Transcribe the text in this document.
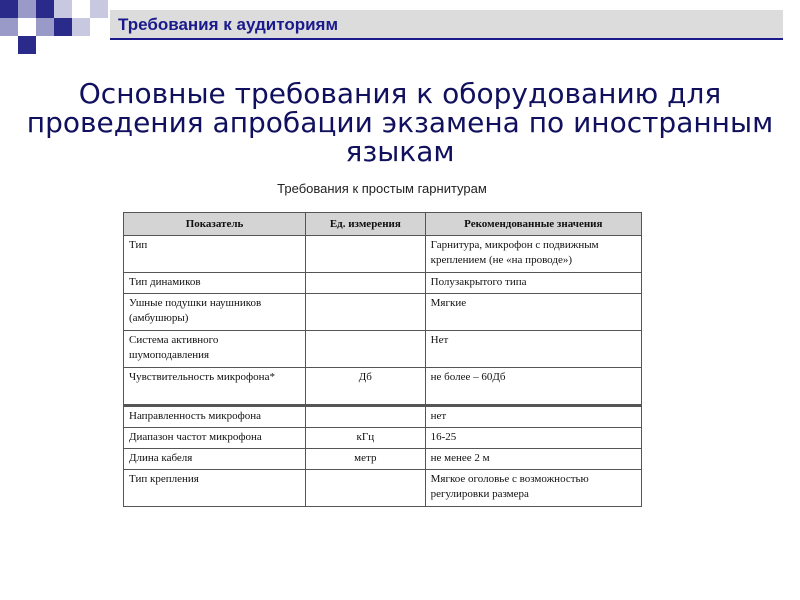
Требования к аудиториям
Основные требования к оборудованию для проведения апробации экзамена по иностранным языкам
Требования к простым гарнитурам
Показатель	Ед. измерения	Рекомендованные значения
Тип		Гарнитура, микрофон с подвижным креплением (не «на проводе»)
Тип динамиков		Полузакрытого типа
Ушные подушки наушников (амбушюры)		Мягкие
Система активного шумоподавления		Нет
Чувствительность микрофона*	Дб	не более – 60Дб
Направленность микрофона		нет
Диапазон частот микрофона	кГц	16-25
Длина кабеля	метр	не менее 2 м
Тип крепления		Мягкое оголовье с возможностью регулировки размера
